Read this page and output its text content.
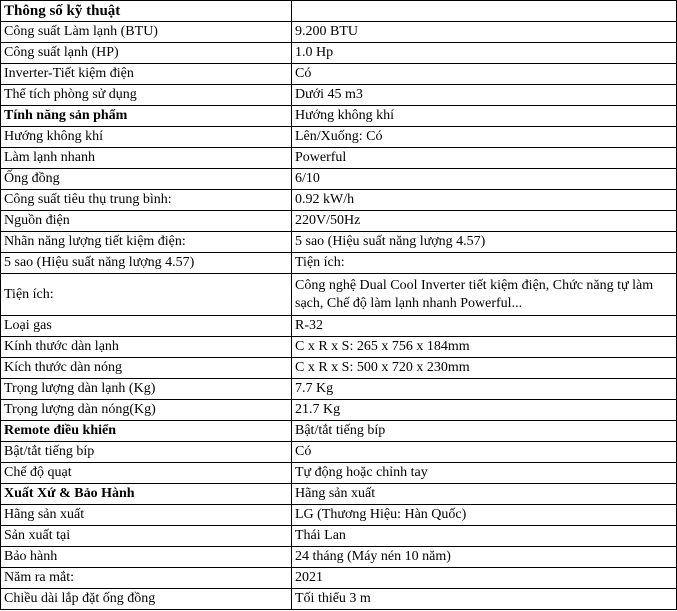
Thông số kỹ thuật	
Công suất Làm lạnh (BTU)	9.200 BTU
Công suất lạnh (HP)	1.0 Hp
Inverter-Tiết kiệm điện	Có
Thể tích phòng sử dụng	Dưới 45 m3
Tính năng sản phẩm	Hướng không khí
Hướng không khí	Lên/Xuống: Có
Làm lạnh nhanh	Powerful
Ống đồng	6/10
Công suất tiêu thụ trung bình:	0.92 kW/h
Nguồn điện	220V/50Hz
Nhãn năng lượng tiết kiệm điện:	5 sao (Hiệu suất năng lượng 4.57)
5 sao (Hiệu suất năng lượng 4.57)	Tiện ích:
Tiện ích:	Công nghệ Dual Cool Inverter tiết kiệm điện, Chức năng tự làm sạch, Chế độ làm lạnh nhanh Powerful...
Loại gas	R-32
Kính thước dàn lạnh	C x R x S: 265 x 756 x 184mm
Kích thước dàn nóng	C x R x S: 500 x 720 x 230mm
Trọng lượng dàn lạnh (Kg)	7.7 Kg
Trọng lượng dàn nóng(Kg)	21.7 Kg
Remote điều khiển	Bật/tắt tiếng bíp
Bật/tắt tiếng bíp	Có
Chế độ quạt	Tự động hoặc chỉnh tay
Xuất Xứ & Bảo Hành	Hãng sản xuất
Hãng sản xuất	LG (Thương Hiệu: Hàn Quốc)
Sản xuất tại	Thái Lan
Bảo hành	24 tháng (Máy nén 10 năm)
Năm ra mắt:	2021
Chiều dài lắp đặt ống đồng	Tối thiểu 3 m
